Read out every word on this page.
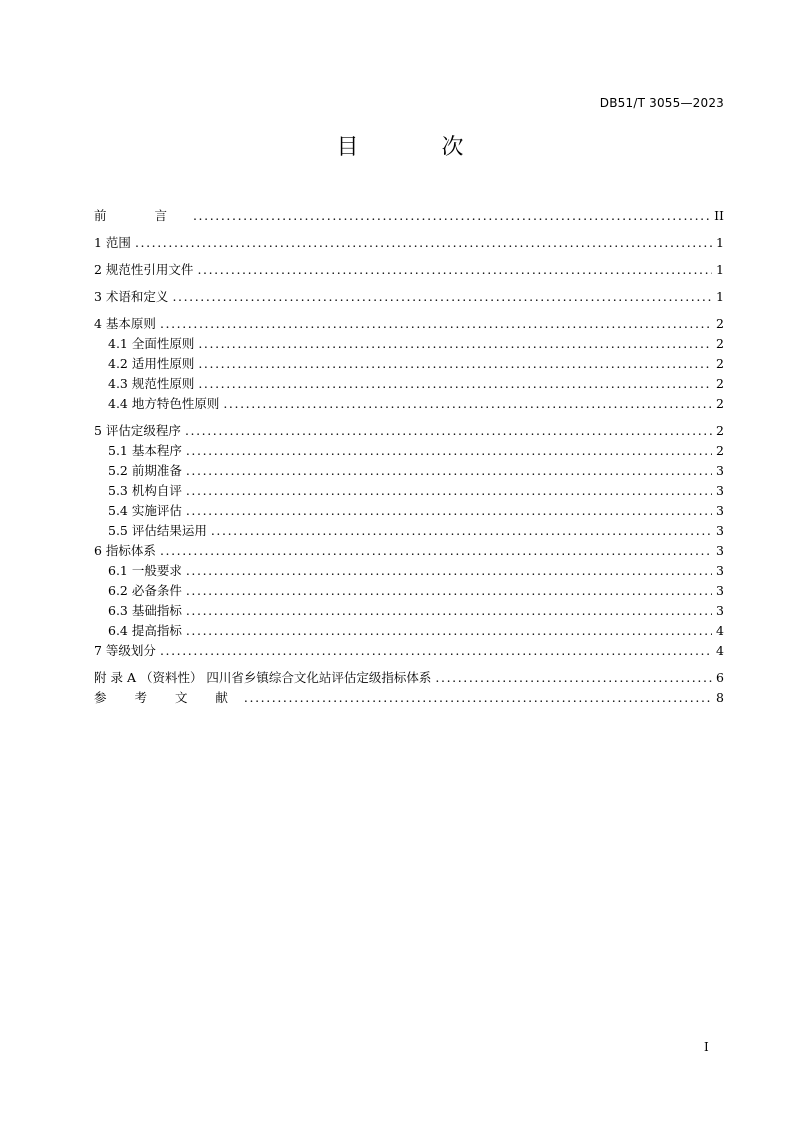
DB51/T 3055—2023
目 次
前 言 .....	II
1 范围 .....	1
2 规范性引用文件 .....	1
3 术语和定义 .....	1
4 基本原则 .....	2
4.1 全面性原则 .....	2
4.2 适用性原则 .....	2
4.3 规范性原则 .....	2
4.4 地方特色性原则 .....	2
5 评估定级程序 .....	2
5.1 基本程序 .....	2
5.2 前期准备 .....	3
5.3 机构自评 .....	3
5.4 实施评估 .....	3
5.5 评估结果运用 .....	3
6 指标体系 .....	3
6.1 一般要求 .....	3
6.2 必备条件 .....	3
6.3 基础指标 .....	3
6.4 提高指标 .....	4
7 等级划分 .....	4
附 录 A （资料性） 四川省乡镇综合文化站评估定级指标体系 .....	6
参 考 文 献 .....	8
I
